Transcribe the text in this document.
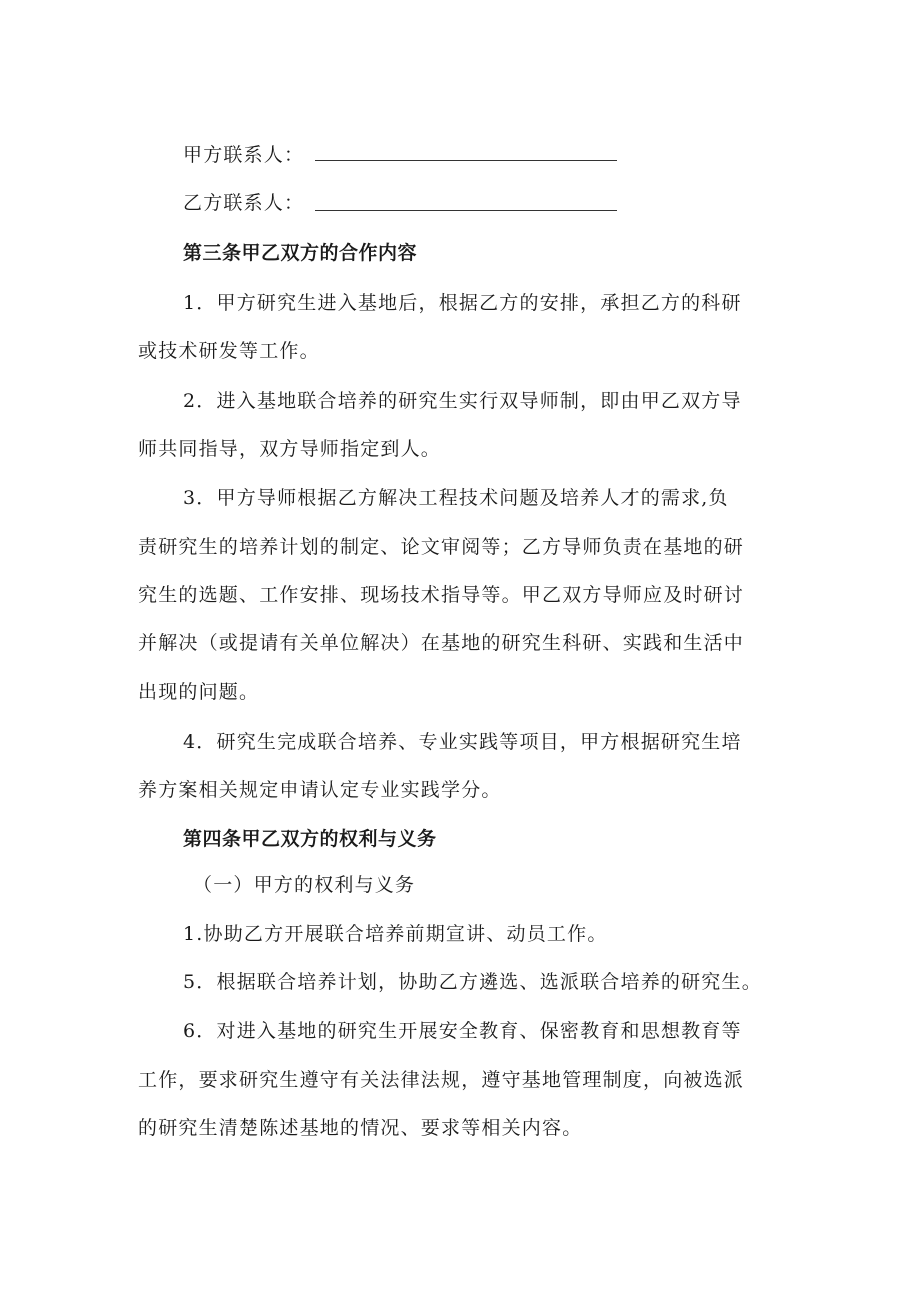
甲方联系人：
乙方联系人：
第三条甲乙双方的合作内容
1．甲方研究生进入基地后，根据乙方的安排，承担乙方的科研
或技术研发等工作。
2．进入基地联合培养的研究生实行双导师制，即由甲乙双方导
师共同指导，双方导师指定到人。
3．甲方导师根据乙方解决工程技术问题及培养人才的需求,负
责研究生的培养计划的制定、论文审阅等；乙方导师负责在基地的研
究生的选题、工作安排、现场技术指导等。甲乙双方导师应及时研讨
并解决（或提请有关单位解决）在基地的研究生科研、实践和生活中
出现的问题。
4．研究生完成联合培养、专业实践等项目，甲方根据研究生培
养方案相关规定申请认定专业实践学分。
第四条甲乙双方的权利与义务
（一）甲方的权利与义务
1.协助乙方开展联合培养前期宣讲、动员工作。
5．根据联合培养计划，协助乙方遴选、选派联合培养的研究生。
6．对进入基地的研究生开展安全教育、保密教育和思想教育等
工作，要求研究生遵守有关法律法规，遵守基地管理制度，向被选派
的研究生清楚陈述基地的情况、要求等相关内容。
